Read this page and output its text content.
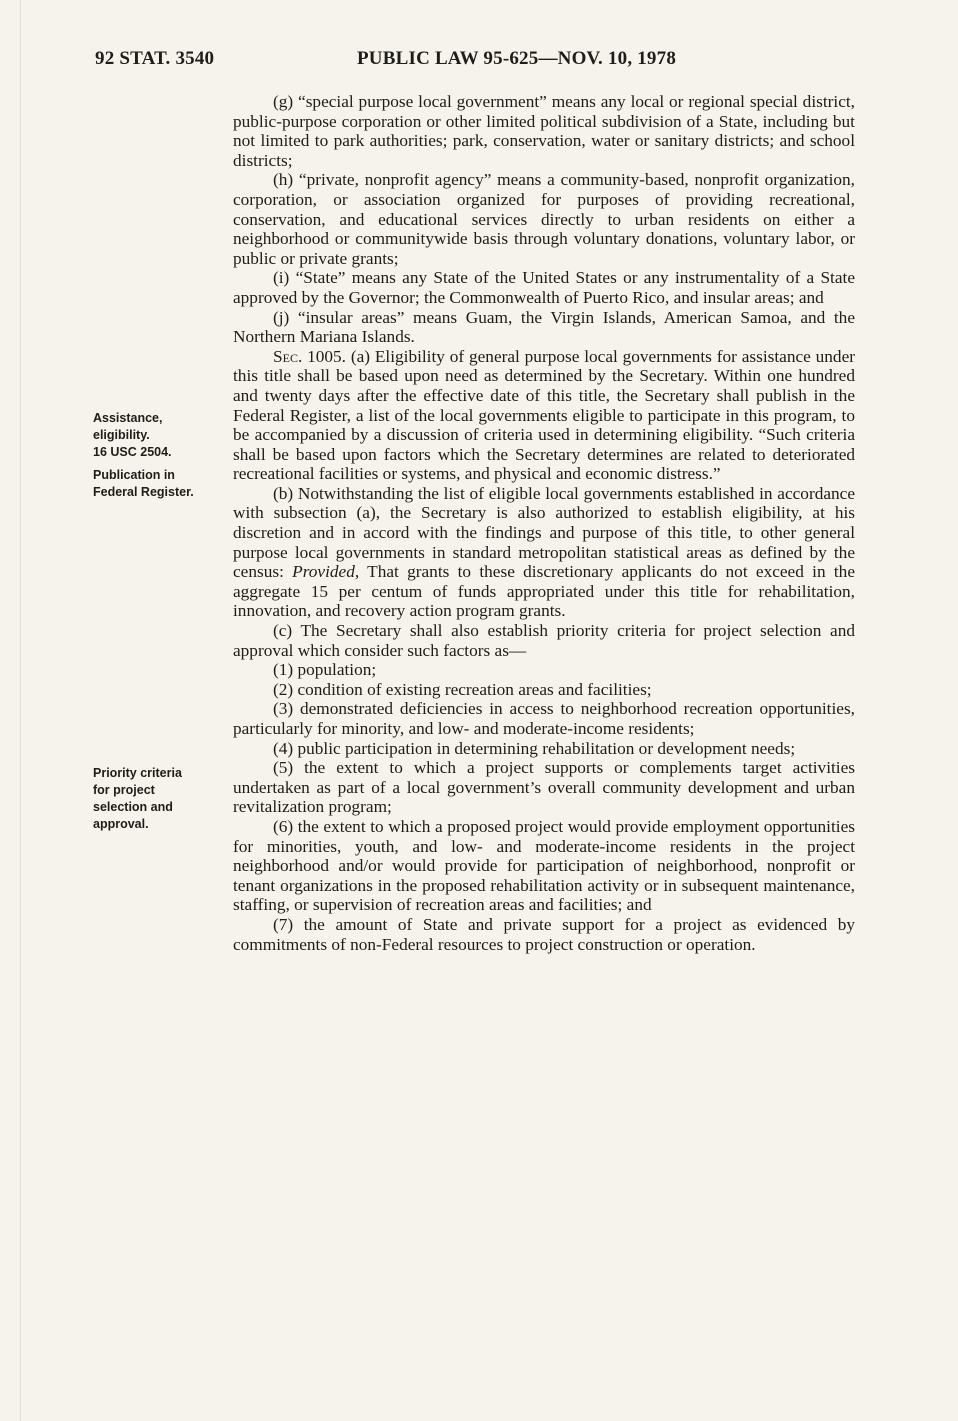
92 STAT. 3540	PUBLIC LAW 95-625—NOV. 10, 1978
Assistance,
eligibility.
16 USC 2504.
Publication in
Federal Register.
Priority criteria
for project
selection and
approval.

(g) “special purpose local government” means any local or regional special district, public-purpose corporation or other limited political subdivision of a State, including but not limited to park authorities; park, conservation, water or sanitary districts; and school districts;

(h) “private, nonprofit agency” means a community-based, nonprofit organization, corporation, or association organized for purposes of providing recreational, conservation, and educational services directly to urban residents on either a neighborhood or communitywide basis through voluntary donations, voluntary labor, or public or private grants;

(i) “State” means any State of the United States or any instrumentality of a State approved by the Governor; the Commonwealth of Puerto Rico, and insular areas; and

(j) “insular areas” means Guam, the Virgin Islands, American Samoa, and the Northern Mariana Islands.

Sec. 1005. (a) Eligibility of general purpose local governments for assistance under this title shall be based upon need as determined by the Secretary. Within one hundred and twenty days after the effective date of this title, the Secretary shall publish in the Federal Register, a list of the local governments eligible to participate in this program, to be accompanied by a discussion of criteria used in determining eligibility. “Such criteria shall be based upon factors which the Secretary determines are related to deteriorated recreational facilities or systems, and physical and economic distress.”

(b) Notwithstanding the list of eligible local governments established in accordance with subsection (a), the Secretary is also authorized to establish eligibility, at his discretion and in accord with the findings and purpose of this title, to other general purpose local governments in standard metropolitan statistical areas as defined by the census: Provided, That grants to these discretionary applicants do not exceed in the aggregate 15 per centum of funds appropriated under this title for rehabilitation, innovation, and recovery action program grants.

(c) The Secretary shall also establish priority criteria for project selection and approval which consider such factors as—

(1) population;

(2) condition of existing recreation areas and facilities;

(3) demonstrated deficiencies in access to neighborhood recreation opportunities, particularly for minority, and low- and moderate-income residents;

(4) public participation in determining rehabilitation or development needs;

(5) the extent to which a project supports or complements target activities undertaken as part of a local government’s overall community development and urban revitalization program;

(6) the extent to which a proposed project would provide employment opportunities for minorities, youth, and low- and moderate-income residents in the project neighborhood and/or would provide for participation of neighborhood, nonprofit or tenant organizations in the proposed rehabilitation activity or in subsequent maintenance, staffing, or supervision of recreation areas and facilities; and

(7) the amount of State and private support for a project as evidenced by commitments of non-Federal resources to project construction or operation.
